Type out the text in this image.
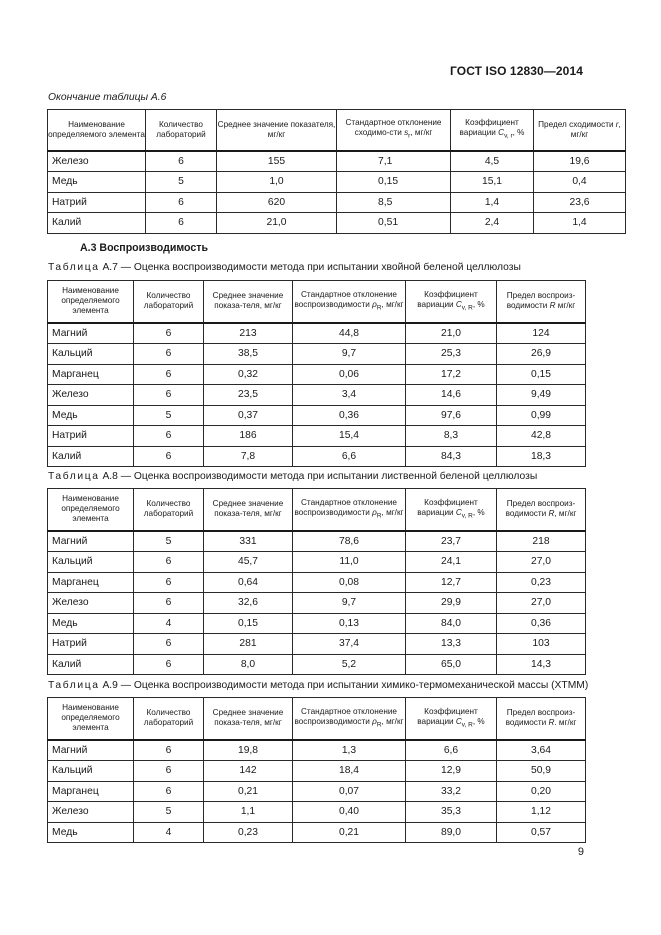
ГОСТ ISO 12830—2014
Окончание таблицы А.6
Наименование определяемого элемента	Количество лабораторий	Среднее значение показателя, мг/кг	Стандартное отклонение сходимо-сти $s_r$, мг/кг	Коэффициент вариации $C_{v, r}$, %	Предел сходимости r, мг/кг
Железо	6	155	7,1	4,5	19,6
Медь	5	1,0	0,15	15,1	0,4
Натрий	6	620	8,5	1,4	23,6
Калий	6	21,0	0,51	2,4	1,4
А.3 Воспроизводимость
Таблица А.7 — Оценка воспроизводимости метода при испытании хвойной беленой целлюлозы
Наименование определяемого элемента	Количество лабораторий	Среднее значение показа-теля, мг/кг	Стандартное отклонение воспроизводимости $\rho_R$, мг/кг	Коэффициент вариации $C_{v, R}$, %	Предел воспроиз-водимости R мг/кг
Магний	6	213	44,8	21,0	124
Кальций	6	38,5	9,7	25,3	26,9
Марганец	6	0,32	0,06	17,2	0,15
Железо	6	23,5	3,4	14,6	9,49
Медь	5	0,37	0,36	97,6	0,99
Натрий	6	186	15,4	8,3	42,8
Калий	6	7,8	6,6	84,3	18,3
Таблица А.8 — Оценка воспроизводимости метода при испытании лиственной беленой целлюлозы
Наименование определяемого элемента	Количество лабораторий	Среднее значение показа-теля, мг/кг	Стандартное отклонение воспроизводимости $\rho_R$, мг/кг	Коэффициент вариации $C_{v, R}$, %	Предел воспроиз-водимости R, мг/кг
Магний	5	331	78,6	23,7	218
Кальций	6	45,7	11,0	24,1	27,0
Марганец	6	0,64	0,08	12,7	0,23
Железо	6	32,6	9,7	29,9	27,0
Медь	4	0,15	0,13	84,0	0,36
Натрий	6	281	37,4	13,3	103
Калий	6	8,0	5,2	65,0	14,3
Таблица А.9 — Оценка воспроизводимости метода при испытании химико-термомеханической массы (ХТММ)
Наименование определяемого элемента	Количество лабораторий	Среднее значение показа-теля, мг/кг	Стандартное отклонение воспроизводимости $\rho_R$, мг/кг	Коэффициент вариации $C_{v, R}$, %	Предел воспроиз-водимости R. мг/кг
Магний	6	19,8	1,3	6,6	3,64
Кальций	6	142	18,4	12,9	50,9
Марганец	6	0,21	0,07	33,2	0,20
Железо	5	1,1	0,40	35,3	1,12
Медь	4	0,23	0,21	89,0	0,57
9
